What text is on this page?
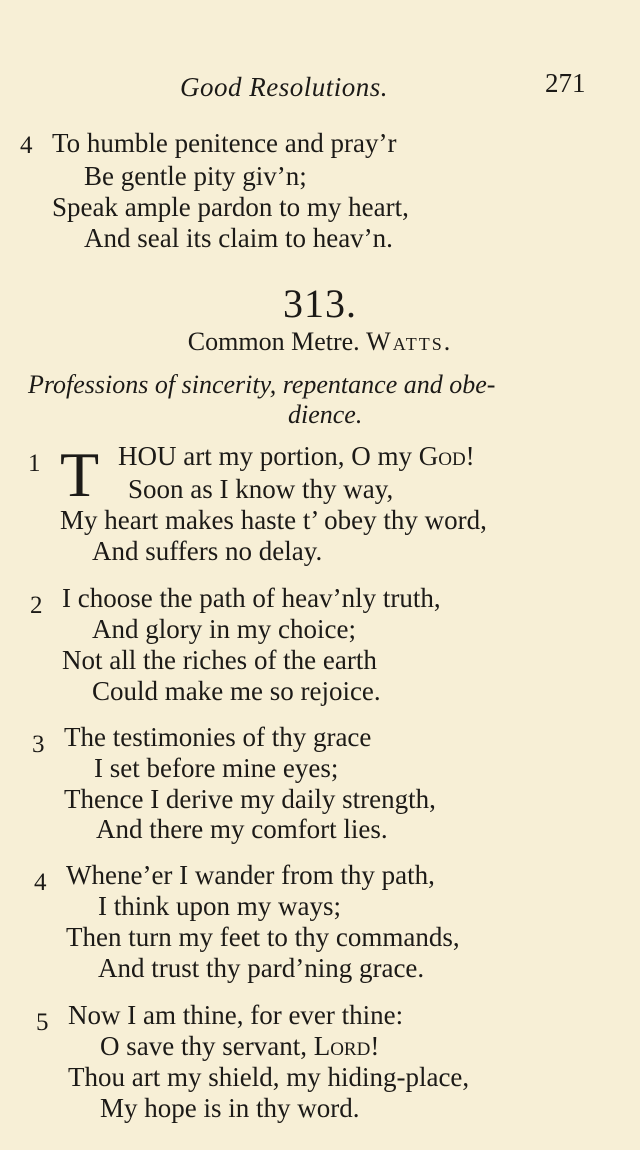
Good Resolutions.	271
4 To humble penitence and pray’r
Be gentle pity giv’n;
Speak ample pardon to my heart,
And seal its claim to heav’n.
313.
Common Metre. Watts.
Professions of sincerity, repentance and obe-
dience.
1 T HOU art my portion, O my God!
Soon as I know thy way,
My heart makes haste t’ obey thy word,
And suffers no delay.
2 I choose the path of heav’nly truth,
And glory in my choice;
Not all the riches of the earth
Could make me so rejoice.
3 The testimonies of thy grace
I set before mine eyes;
Thence I derive my daily strength,
And there my comfort lies.
4 Whene’er I wander from thy path,
I think upon my ways;
Then turn my feet to thy commands,
And trust thy pard’ning grace.
5 Now I am thine, for ever thine:
O save thy servant, Lord!
Thou art my shield, my hiding-place,
My hope is in thy word.
